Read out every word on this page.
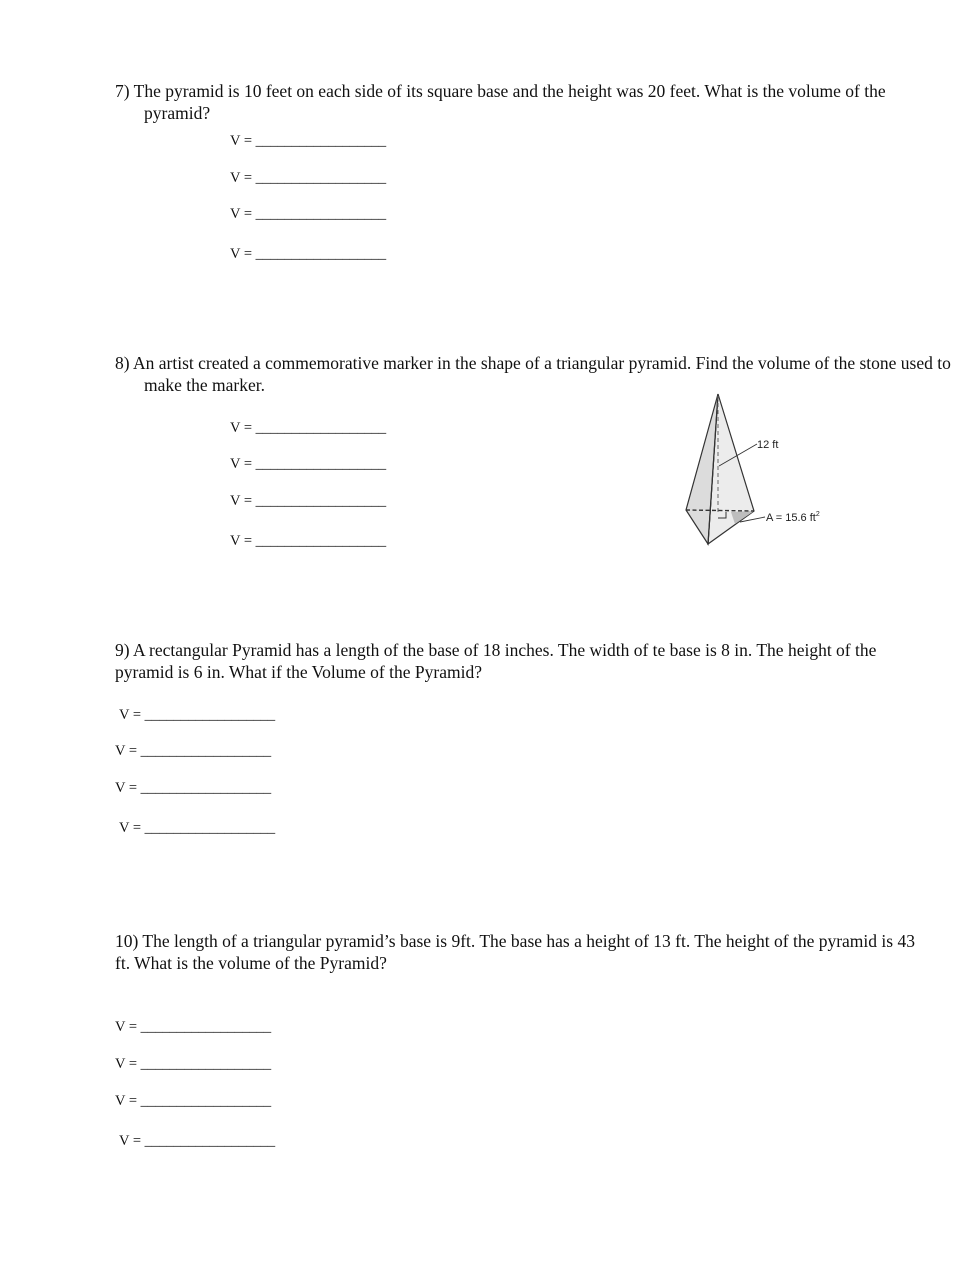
7) The pyramid is 10 feet on each side of its square base and the height was 20 feet. What is the volume of the pyramid?
V = __________________
V = __________________
V = __________________
V = __________________
8) An artist created a commemorative marker in the shape of a triangular pyramid. Find the volume of the stone used to make the marker.
V = __________________
V = __________________
V = __________________
V = __________________
12 ft
A = 15.6 $ft^2$
9) A rectangular Pyramid has a length of the base of 18 inches. The width of te base is 8 in. The height of the pyramid is 6 in. What if the Volume of the Pyramid?
V = __________________
V = __________________
V = __________________
V = __________________
10) The length of a triangular pyramid’s base is 9ft. The base has a height of 13 ft. The height of the pyramid is 43 ft. What is the volume of the Pyramid?
V = __________________
V = __________________
V = __________________
V = __________________
